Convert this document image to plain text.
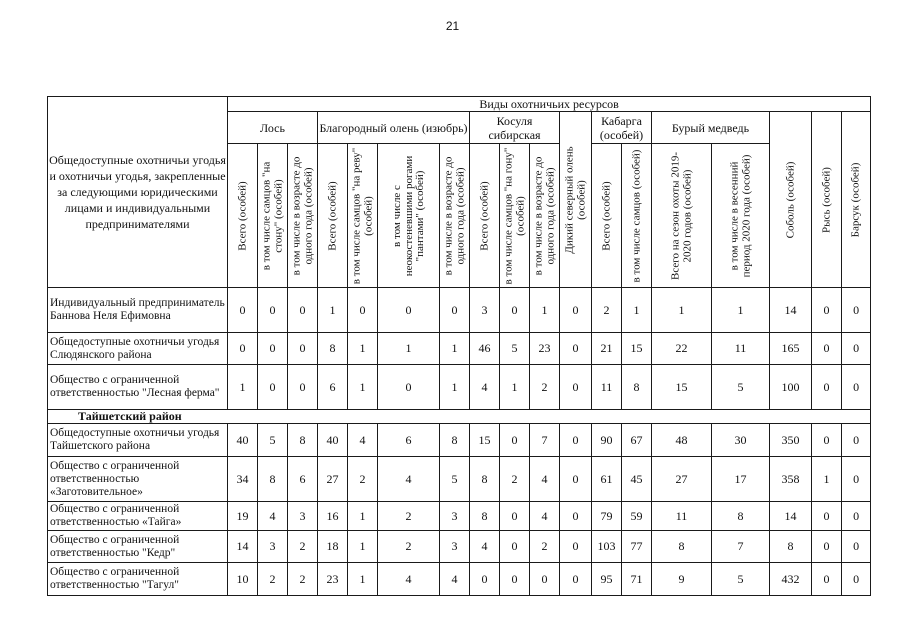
21
Общедоступные охотничьи угодья и охотничьи угодья, закрепленные за следующими юридическими лицами и индивидуальными предпринимателями	Виды охотничьих ресурсов																	
	Лось			Благородный олень (изюбрь)				Косуля сибирская			Дикий северный олень (особей)	Кабарга (особей)		Бурый медведь		Соболь (особей)	Рысь (особей)	Барсук (особей)

	Всего (особей)	в том числе самцов "на стону" (особей)	в том числе в возрасте до одного года (особей)	Всего (особей)	в том числе самцов "на реву" (особей)	в том числе с неокостеневшими рогами "пантами" (особей)	в том числе в возрасте до одного года (особей)	Всего (особей)	в том числе самцов "на гону" (особей)	в том числе в возрасте до одного года (особей)		Всего (особей)	в том числе самцов (особей)	Всего на сезон охоты 2019-2020 годов (особей)	в том числе в весенний период 2020 года (особей)			

Индивидуальный предприниматель Баннова Неля Ефимовна	0	0	0	1	0	0	0	3	0	1	0	2	1	1	1	14	0	0
Общедоступные охотничьи угодья Слюдянского района	0	0	0	8	1	1	1	46	5	23	0	21	15	22	11	165	0	0
Общество с ограниченной ответственностью "Лесная ферма"	1	0	0	6	1	0	1	4	1	2	0	11	8	15	5	100	0	0
Тайшетский район																		
Общедоступные охотничьи угодья Тайшетского района	40	5	8	40	4	6	8	15	0	7	0	90	67	48	30	350	0	0
Общество с ограниченной ответственностью «Заготовительное»	34	8	6	27	2	4	5	8	2	4	0	61	45	27	17	358	1	0
Общество с ограниченной ответственностью «Тайга»	19	4	3	16	1	2	3	8	0	4	0	79	59	11	8	14	0	0
Общество с ограниченной ответственностью "Кедр"	14	3	2	18	1	2	3	4	0	2	0	103	77	8	7	8	0	0
Общество с ограниченной ответственностью "Тагул"	10	2	2	23	1	4	4	0	0	0	0	95	71	9	5	432	0	0
